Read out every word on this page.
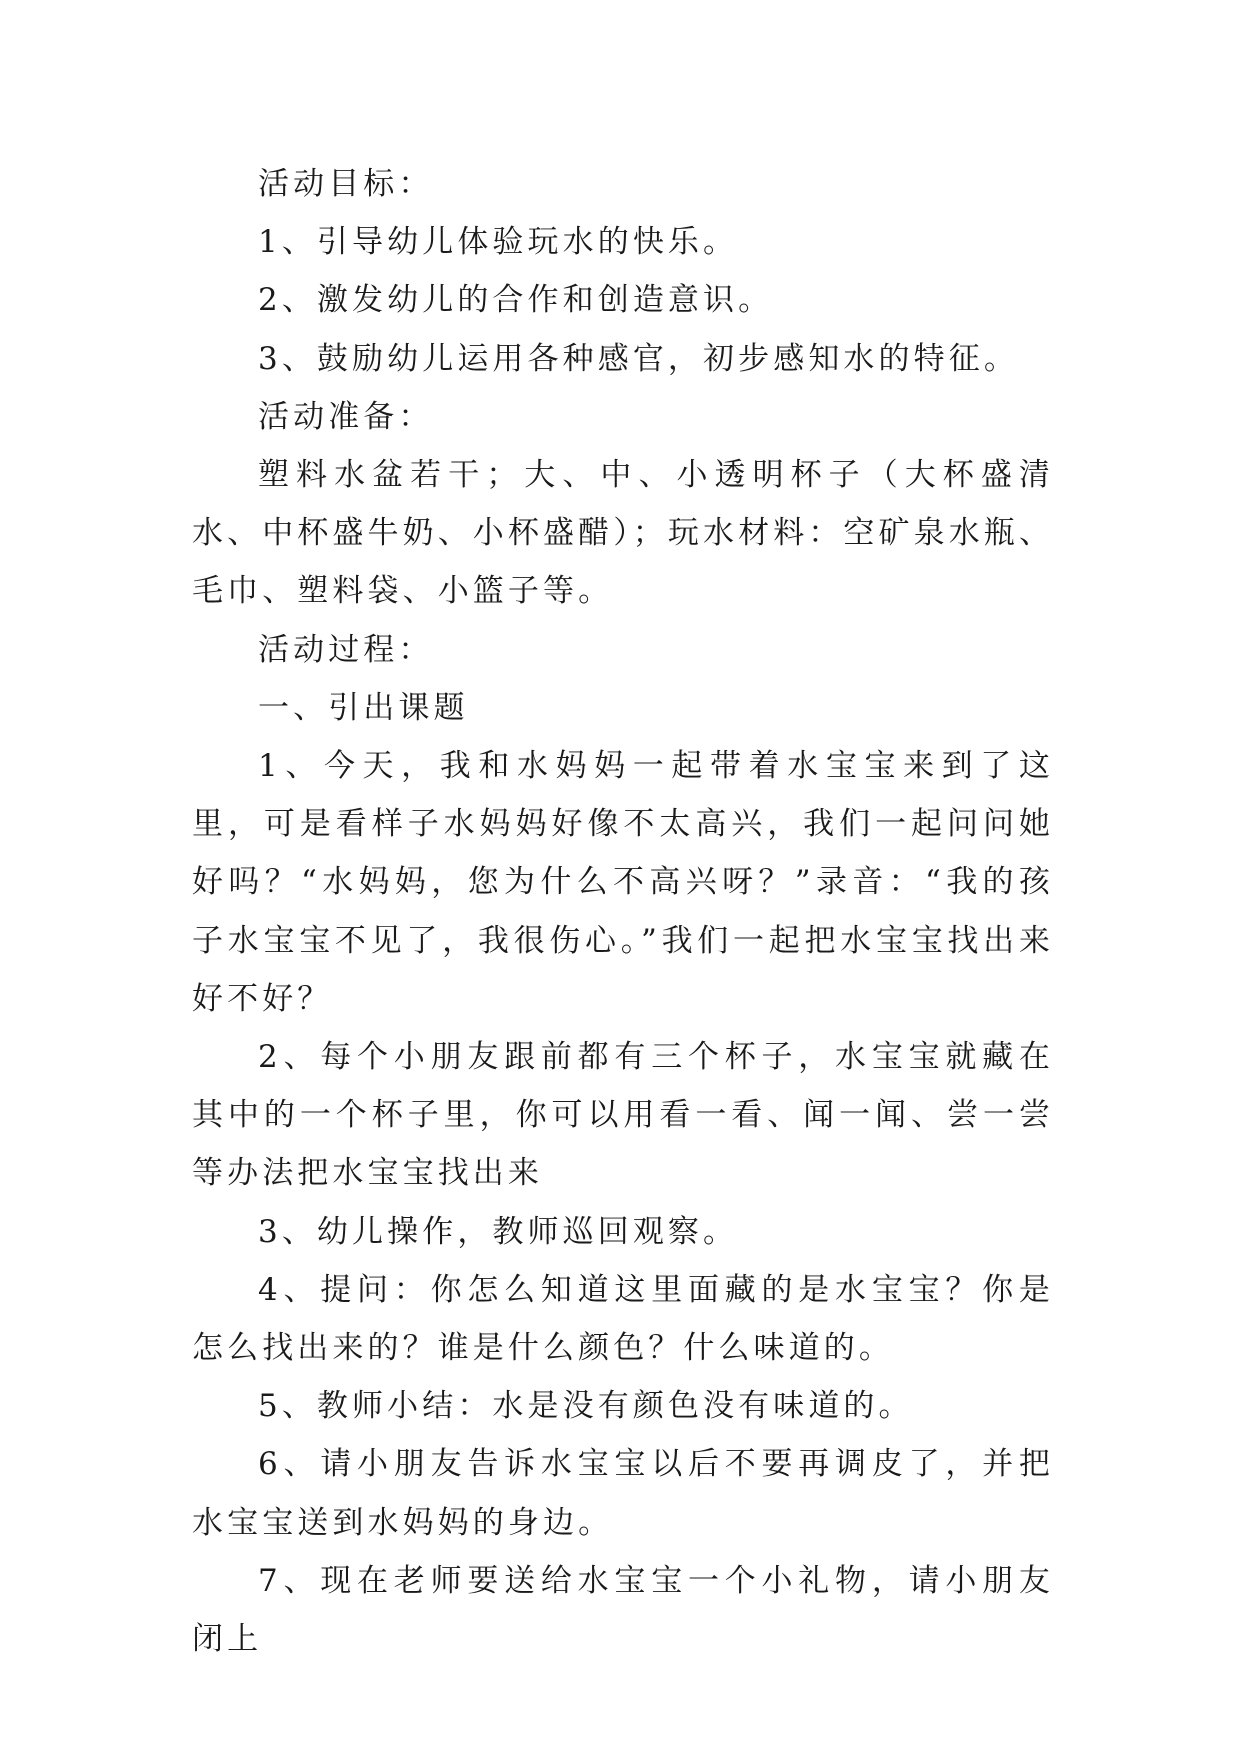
活动目标：

1、引导幼儿体验玩水的快乐。

2、激发幼儿的合作和创造意识。

3、鼓励幼儿运用各种感官，初步感知水的特征。

活动准备：

塑料水盆若干；大、中、小透明杯子（大杯盛清水、中杯盛牛奶、小杯盛醋）；玩水材料：空矿泉水瓶、毛巾、塑料袋、小篮子等。

活动过程：

一、引出课题

1、今天，我和水妈妈一起带着水宝宝来到了这里，可是看样子水妈妈好像不太高兴，我们一起问问她好吗？“水妈妈，您为什么不高兴呀？”录音：“我的孩子水宝宝不见了，我很伤心。”我们一起把水宝宝找出来好不好？

2、每个小朋友跟前都有三个杯子，水宝宝就藏在其中的一个杯子里，你可以用看一看、闻一闻、尝一尝等办法把水宝宝找出来

3、幼儿操作，教师巡回观察。

4、提问：你怎么知道这里面藏的是水宝宝？你是怎么找出来的？谁是什么颜色？什么味道的。

5、教师小结：水是没有颜色没有味道的。

6、请小朋友告诉水宝宝以后不要再调皮了，并把水宝宝送到水妈妈的身边。

7、现在老师要送给水宝宝一个小礼物，请小朋友闭上
